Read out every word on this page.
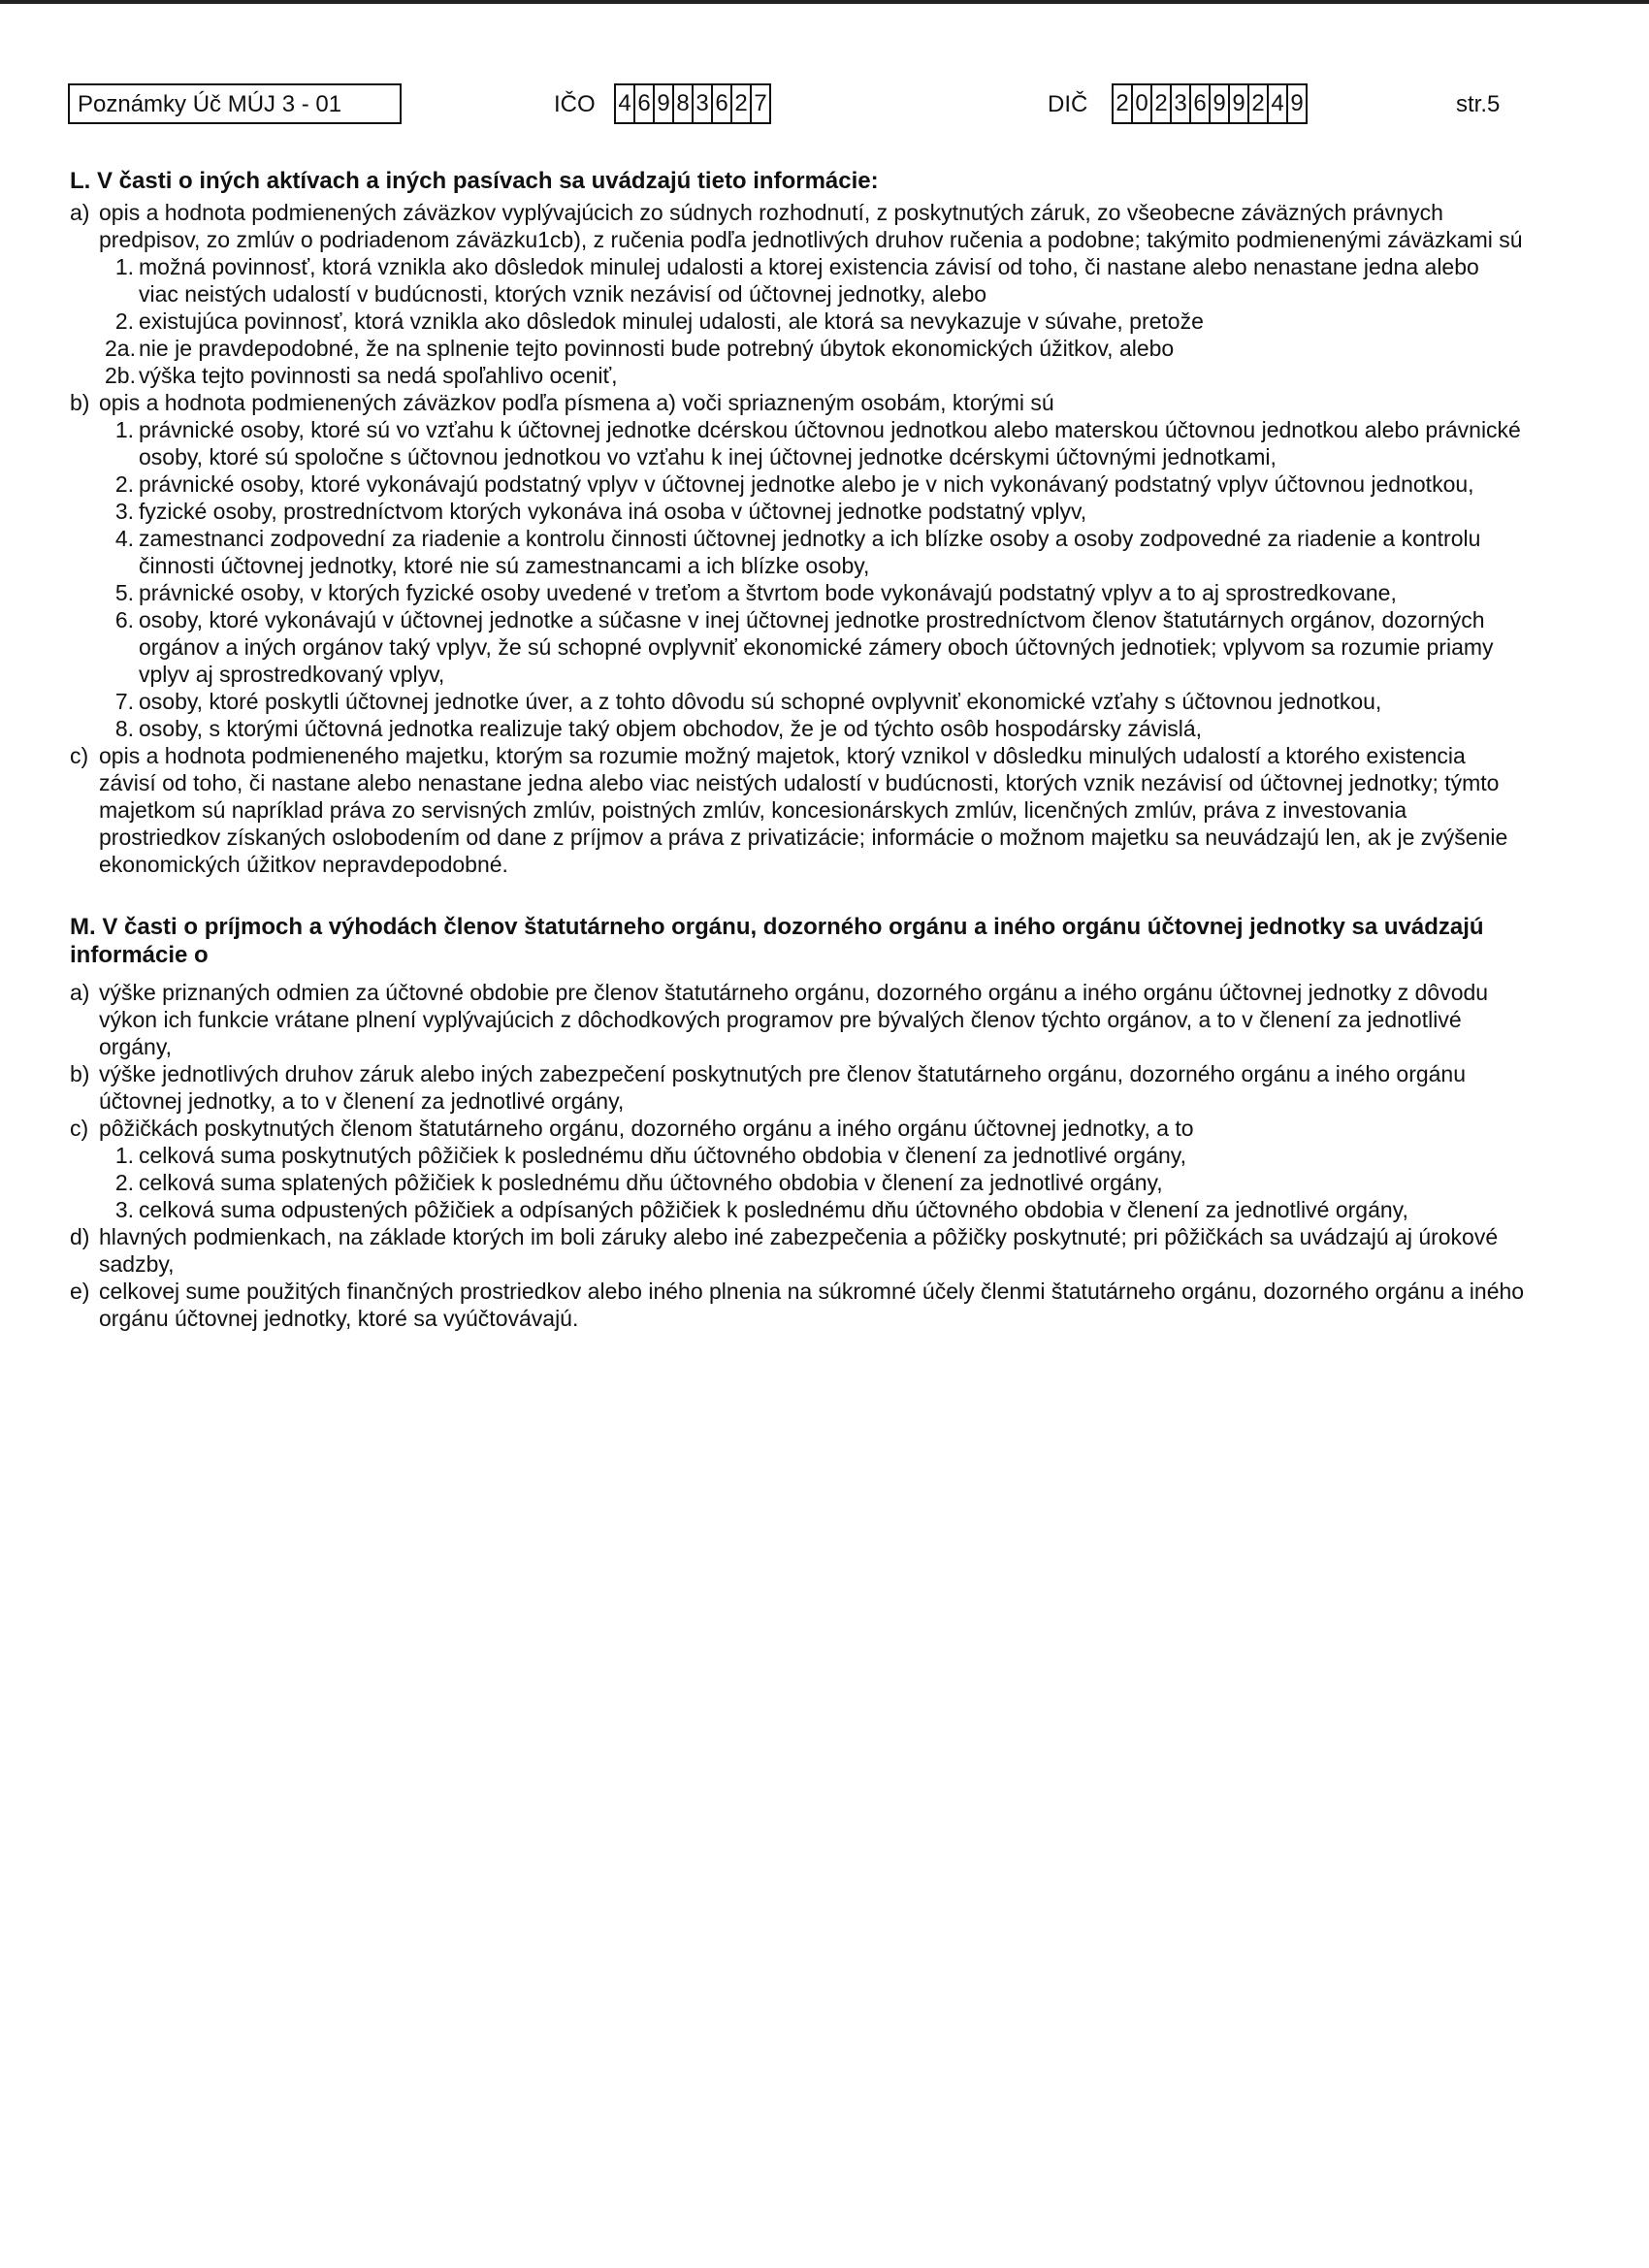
Poznámky Úč MÚJ 3 - 01	IČO 4 6 9 8 3 6 2 7	DIČ 2 0 2 3 6 9 9 2 4 9	str.5
L. V časti o iných aktívach a iných pasívach sa uvádzajú tieto informácie:
a) opis a hodnota podmienených záväzkov vyplývajúcich zo súdnych rozhodnutí, z poskytnutých záruk, zo všeobecne záväzných právnych predpisov, zo zmlúv o podriadenom záväzku1cb), z ručenia podľa jednotlivých druhov ručenia a podobne; takýmito podmienenými záväzkami sú
1. možná povinnosť, ktorá vznikla ako dôsledok minulej udalosti a ktorej existencia závisí od toho, či nastane alebo nenastane jedna alebo viac neistých udalostí v budúcnosti, ktorých vznik nezávisí od účtovnej jednotky, alebo
2. existujúca povinnosť, ktorá vznikla ako dôsledok minulej udalosti, ale ktorá sa nevykazuje v súvahe, pretože
2a. nie je pravdepodobné, že na splnenie tejto povinnosti bude potrebný úbytok ekonomických úžitkov, alebo
2b. výška tejto povinnosti sa nedá spoľahlivo oceniť,
b) opis a hodnota podmienených záväzkov podľa písmena a) voči spriazneným osobám, ktorými sú
1. právnické osoby, ktoré sú vo vzťahu k účtovnej jednotke dcérskou účtovnou jednotkou alebo materskou účtovnou jednotkou alebo právnické osoby, ktoré sú spoločne s účtovnou jednotkou vo vzťahu k inej účtovnej jednotke dcérskymi účtovnými jednotkami,
2. právnické osoby, ktoré vykonávajú podstatný vplyv v účtovnej jednotke alebo je v nich vykonávaný podstatný vplyv účtovnou jednotkou,
3. fyzické osoby, prostredníctvom ktorých vykonáva iná osoba v účtovnej jednotke podstatný vplyv,
4. zamestnanci zodpovední za riadenie a kontrolu činnosti účtovnej jednotky a ich blízke osoby a osoby zodpovedné za riadenie a kontrolu činnosti účtovnej jednotky, ktoré nie sú zamestnancami a ich blízke osoby,
5. právnické osoby, v ktorých fyzické osoby uvedené v treťom a štvrtom bode vykonávajú podstatný vplyv a to aj sprostredkovane,
6. osoby, ktoré vykonávajú v účtovnej jednotke a súčasne v inej účtovnej jednotke prostredníctvom členov štatutárnych orgánov, dozorných orgánov a iných orgánov taký vplyv, že sú schopné ovplyvniť ekonomické zámery oboch účtovných jednotiek; vplyvom sa rozumie priamy vplyv aj sprostredkovaný vplyv,
7. osoby, ktoré poskytli účtovnej jednotke úver, a z tohto dôvodu sú schopné ovplyvniť ekonomické vzťahy s účtovnou jednotkou,
8. osoby, s ktorými účtovná jednotka realizuje taký objem obchodov, že je od týchto osôb hospodársky závislá,
c) opis a hodnota podmieneného majetku, ktorým sa rozumie možný majetok, ktorý vznikol v dôsledku minulých udalostí a ktorého existencia závisí od toho, či nastane alebo nenastane jedna alebo viac neistých udalostí v budúcnosti, ktorých vznik nezávisí od účtovnej jednotky; týmto majetkom sú napríklad práva zo servisných zmlúv, poistných zmlúv, koncesionárskych zmlúv, licenčných zmlúv, práva z investovania prostriedkov získaných oslobodením od dane z príjmov a práva z privatizácie; informácie o možnom majetku sa neuvádzajú len, ak je zvýšenie ekonomických úžitkov nepravdepodobné.
M. V časti o príjmoch a výhodách členov štatutárneho orgánu, dozorného orgánu a iného orgánu účtovnej jednotky sa uvádzajú informácie o
a) výške priznaných odmien za účtovné obdobie pre členov štatutárneho orgánu, dozorného orgánu a iného orgánu účtovnej jednotky z dôvodu výkon ich funkcie vrátane plnení vyplývajúcich z dôchodkových programov pre bývalých členov týchto orgánov, a to v členení za jednotlivé orgány,
b) výške jednotlivých druhov záruk alebo iných zabezpečení poskytnutých pre členov štatutárneho orgánu, dozorného orgánu a iného orgánu účtovnej jednotky, a to v členení za jednotlivé orgány,
c) pôžičkách poskytnutých členom štatutárneho orgánu, dozorného orgánu a iného orgánu účtovnej jednotky, a to
1. celková suma poskytnutých pôžičiek k poslednému dňu účtovného obdobia v členení za jednotlivé orgány,
2. celková suma splatených pôžičiek k poslednému dňu účtovného obdobia v členení za jednotlivé orgány,
3. celková suma odpustených pôžičiek a odpísaných pôžičiek k poslednému dňu účtovného obdobia v členení za jednotlivé orgány,
d) hlavných podmienkach, na základe ktorých im boli záruky alebo iné zabezpečenia a pôžičky poskytnuté; pri pôžičkách sa uvádzajú aj úrokové sadzby,
e) celkovej sume použitých finančných prostriedkov alebo iného plnenia na súkromné účely členmi štatutárneho orgánu, dozorného orgánu a iného orgánu účtovnej jednotky, ktoré sa vyúčtovávajú.
